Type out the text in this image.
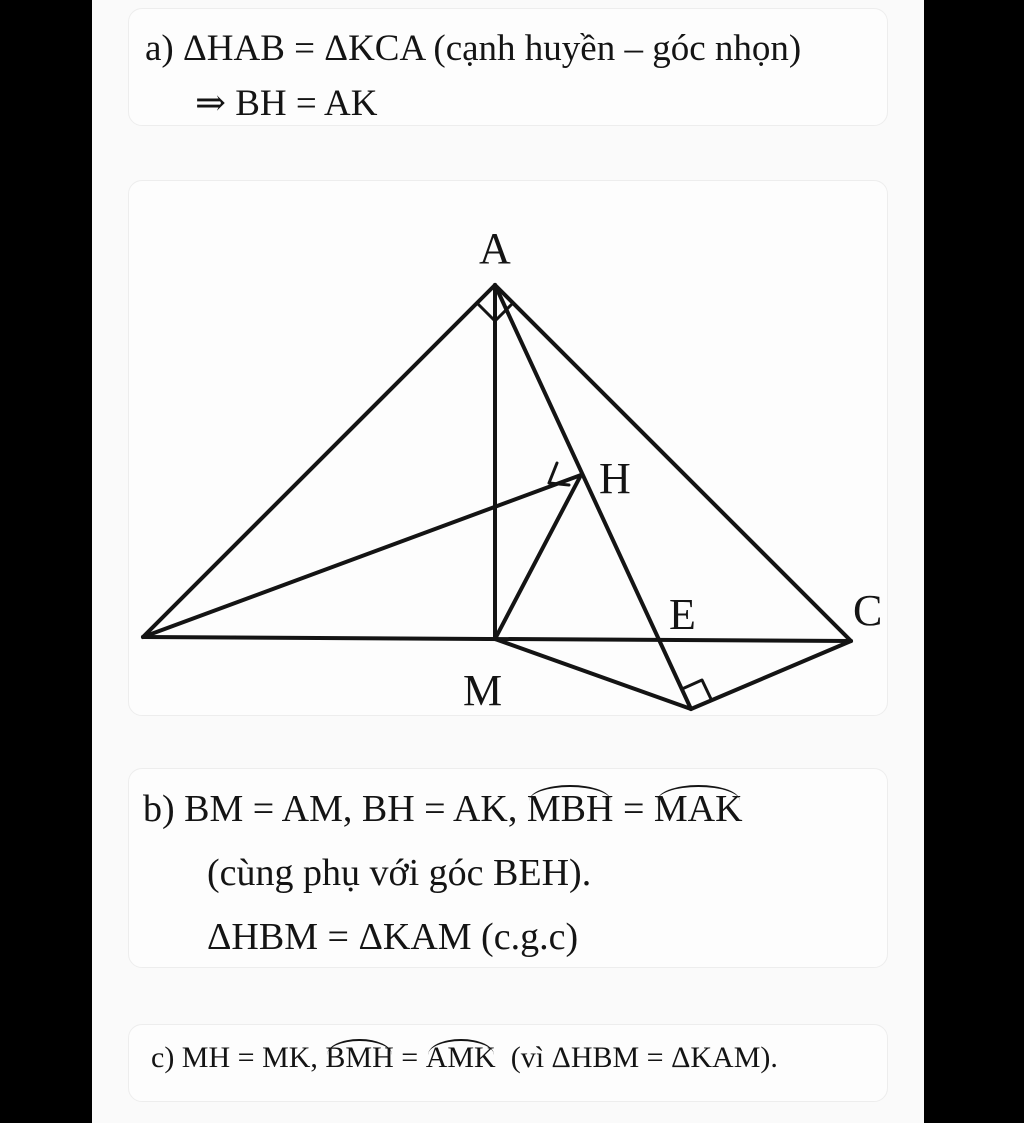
a) ΔHAB = ΔKCA (cạnh huyền – góc nhọn)
⇒ BH = AK
A
H
E	C
M
b) BM = AM, BH = AK, MBH = MAK
(cùng phụ với góc BEH).
ΔHBM = ΔKAM (c.g.c)
c) MH = MK, BMH = AMK (vì ΔHBM = ΔKAM).
